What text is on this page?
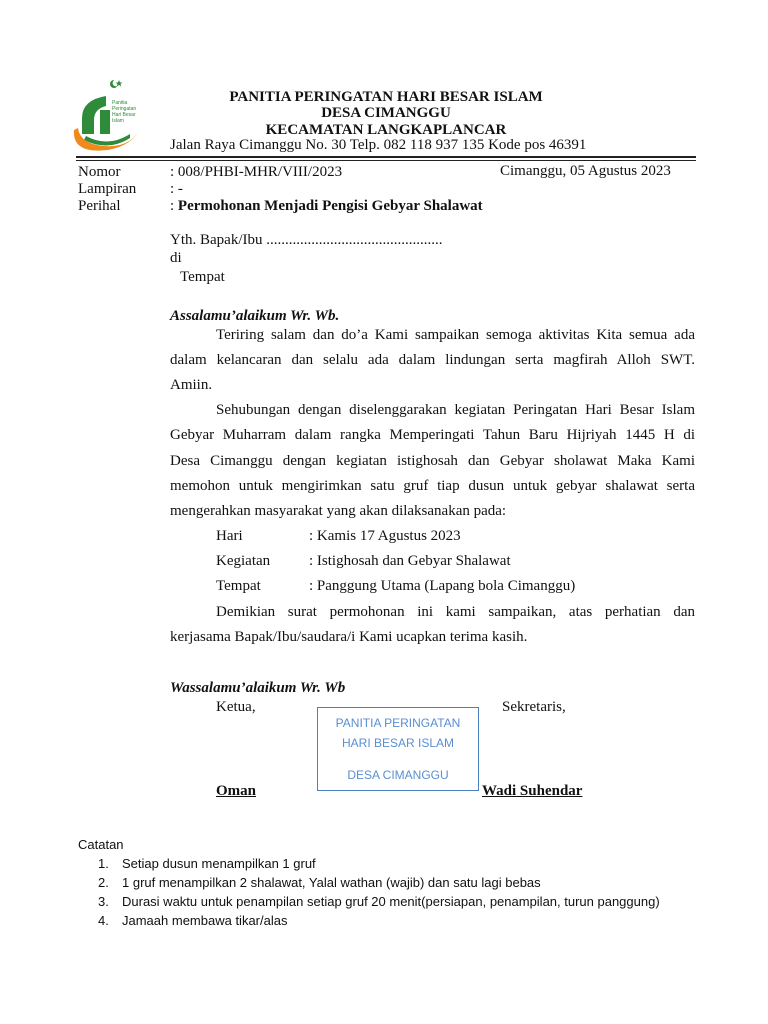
Panitia
Peringatan
Hari Besar
Islam
PANITIA PERINGATAN HARI BESAR ISLAM
DESA CIMANGGU
KECAMATAN LANGKAPLANCAR
Jalan Raya Cimanggu No. 30 Telp. 082 118 937 135 Kode pos 46391
Nomor	: 008/PHBI-MHR/VIII/2023	Cimanggu, 05 Agustus 2023
Lampiran : -
Perihal	: Permohonan Menjadi Pengisi Gebyar Shalawat
Yth. Bapak/Ibu ...............................................
di
Tempat
Assalamu’alaikum Wr. Wb.
Teriring salam dan do’a Kami sampaikan semoga aktivitas Kita semua ada
dalam kelancaran dan selalu ada dalam lindungan serta magfirah Alloh SWT.
Amiin.
Sehubungan dengan diselenggarakan kegiatan Peringatan Hari Besar Islam
Gebyar Muharram dalam rangka Memperingati Tahun Baru Hijriyah 1445 H di
Desa Cimanggu dengan kegiatan istighosah dan Gebyar sholawat Maka Kami
memohon untuk mengirimkan satu gruf tiap dusun untuk gebyar shalawat serta
mengerahkan masyarakat yang akan dilaksanakan pada:
Hari	: Kamis 17 Agustus 2023
Kegiatan	: Istighosah dan Gebyar Shalawat
Tempat	: Panggung Utama (Lapang bola Cimanggu)
Demikian surat permohonan ini kami sampaikan, atas perhatian dan
kerjasama Bapak/Ibu/saudara/i Kami ucapkan terima kasih.
Wassalamu’alaikum Wr. Wb
Ketua,	Sekretaris,
PANITIA PERINGATAN
HARI BESAR ISLAM
DESA CIMANGGU
Oman	Wadi Suhendar
Catatan
1. Setiap dusun menampilkan 1 gruf
2. 1 gruf menampilkan 2 shalawat, Yalal wathan (wajib) dan satu lagi bebas
3. Durasi waktu untuk penampilan setiap gruf 20 menit(persiapan, penampilan, turun panggung)
4. Jamaah membawa tikar/alas
